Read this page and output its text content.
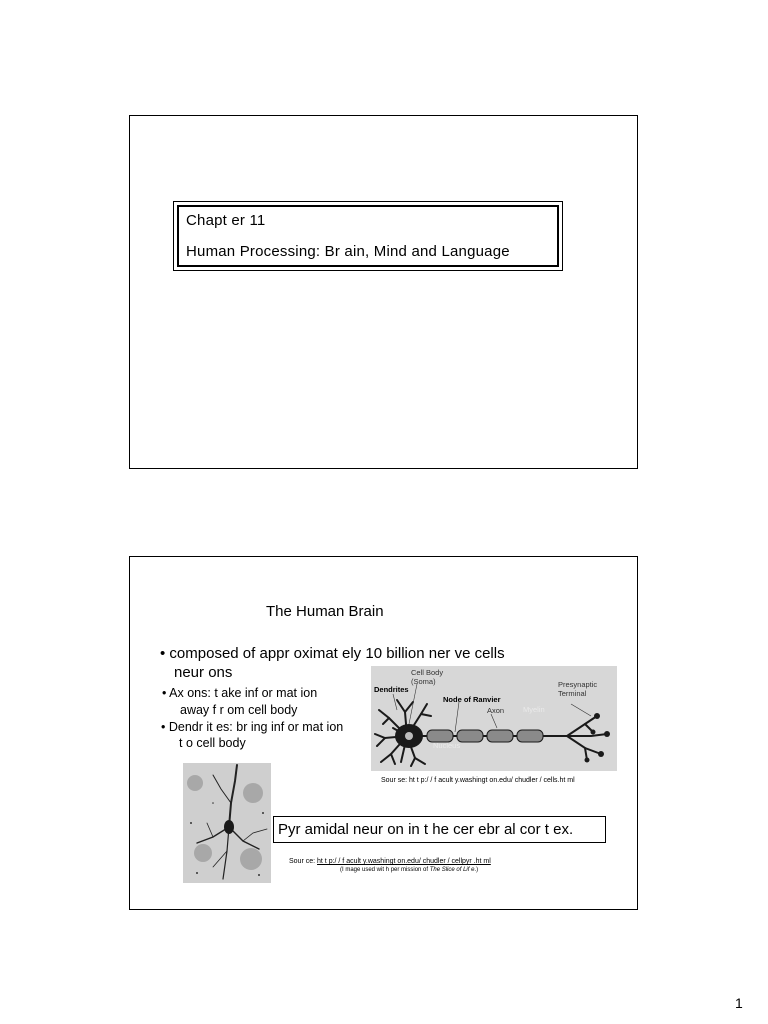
Chapt er 11
Human Processing: Br ain, Mind and Language
The Human Brain
• composed of appr oximat ely 10 billion ner ve cells
neur ons
• Ax ons: t ake inf or mat ion
away f r om cell body
• Dendr it es: br ing inf or mat ion
t o cell body
Cell Body
(Soma)
Dendrites
Node of Ranvier
Axon	Myelin
Nucleus
Presynaptic
Terminal
Sour se: ht t p:/ / f acult y.washingt on.edu/ chudler / cells.ht ml
Pyr amidal neur on in t he cer ebr al cor t ex.
Sour ce: ht t p:/ / f acult y.washingt on.edu/ chudler / cellpyr .ht ml
(I mage used wit h per mission of The Slice of Lif e.)
1
